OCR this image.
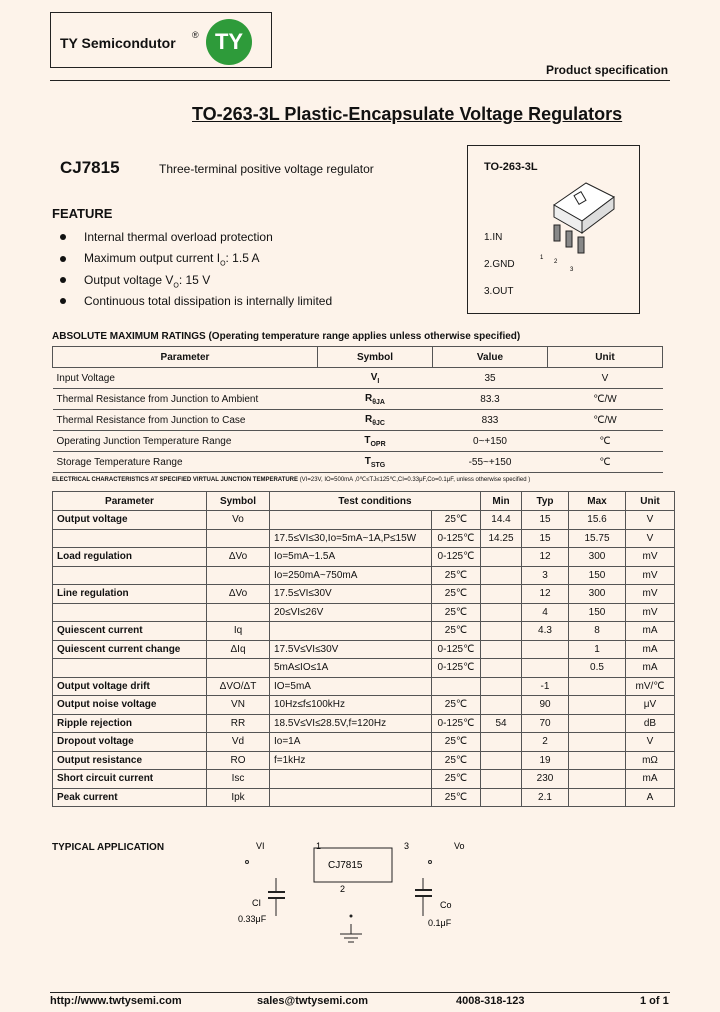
TY Semicondutor ® TY
Product specification
TO-263-3L Plastic-Encapsulate Voltage Regulators
CJ7815	Three-terminal positive voltage regulator	TO-263-3L
1
2
3
1.IN
2.GND
3.OUT
FEATURE
Internal thermal overload protection
Maximum output current $I_O$: 1.5 A
Output voltage $V_O$: 15 V
Continuous total dissipation is internally limited
ABSOLUTE MAXIMUM RATINGS (Operating temperature range applies unless otherwise specified)
Parameter	Symbol	Value	Unit
Input Voltage	$V_I$	35	V
Thermal Resistance from Junction to Ambient	$R_{\theta JA}$	83.3	℃/W
Thermal Resistance from Junction to Case	$R_{\theta JC}$	833	℃/W
Operating Junction Temperature Range	$T_{OPR}$	0~+150	℃
Storage Temperature Range	$T_{STG}$	-55~+150	℃
ELECTRICAL CHARACTERISTICS AT SPECIFIED VIRTUAL JUNCTION TEMPERATURE (VI=23V, IO=500mA ,0℃≤TJ≤125℃,CI=0.33μF,Co=0.1μF, unless otherwise specified )
Parameter	Symbol	Test conditions		Min	Typ	Max	Unit
Output voltage	Vo		25℃	14.4	15	15.6	V
		17.5≤VI≤30,Io=5mA~1A,P≤15W	0-125℃	14.25	15	15.75	V
Load regulation	ΔVo	Io=5mA~1.5A	0-125℃		12	300	mV
		Io=250mA~750mA	25℃		3	150	mV
Line regulation	ΔVo	17.5≤VI≤30V	25℃		12	300	mV
		20≤VI≤26V	25℃		4	150	mV
Quiescent current	Iq		25℃		4.3	8	mA
Quiescent current change	ΔIq	17.5V≤VI≤30V	0-125℃			1	mA
		5mA≤IO≤1A	0-125℃			0.5	mA
Output voltage drift	ΔVO/ΔT	IO=5mA			-1		mV/℃
Output noise voltage	VN	10Hz≤f≤100kHz	25℃		90		μV
Ripple rejection	RR	18.5V≤VI≤28.5V,f=120Hz	0-125℃	54	70		dB
Dropout voltage	Vd	Io=1A	25℃		2		V
Output resistance	RO	f=1kHz	25℃		19		mΩ
Short circuit current	Isc		25℃		230		mA
Peak current	Ipk		25℃		2.1		A
TYPICAL APPLICATION	VI	Vo
1	3
CJ7815
2
CI
0.33μF
Co
0.1μF
http://www.twtysemi.com	sales@twtysemi.com	4008-318-123	1 of 1
